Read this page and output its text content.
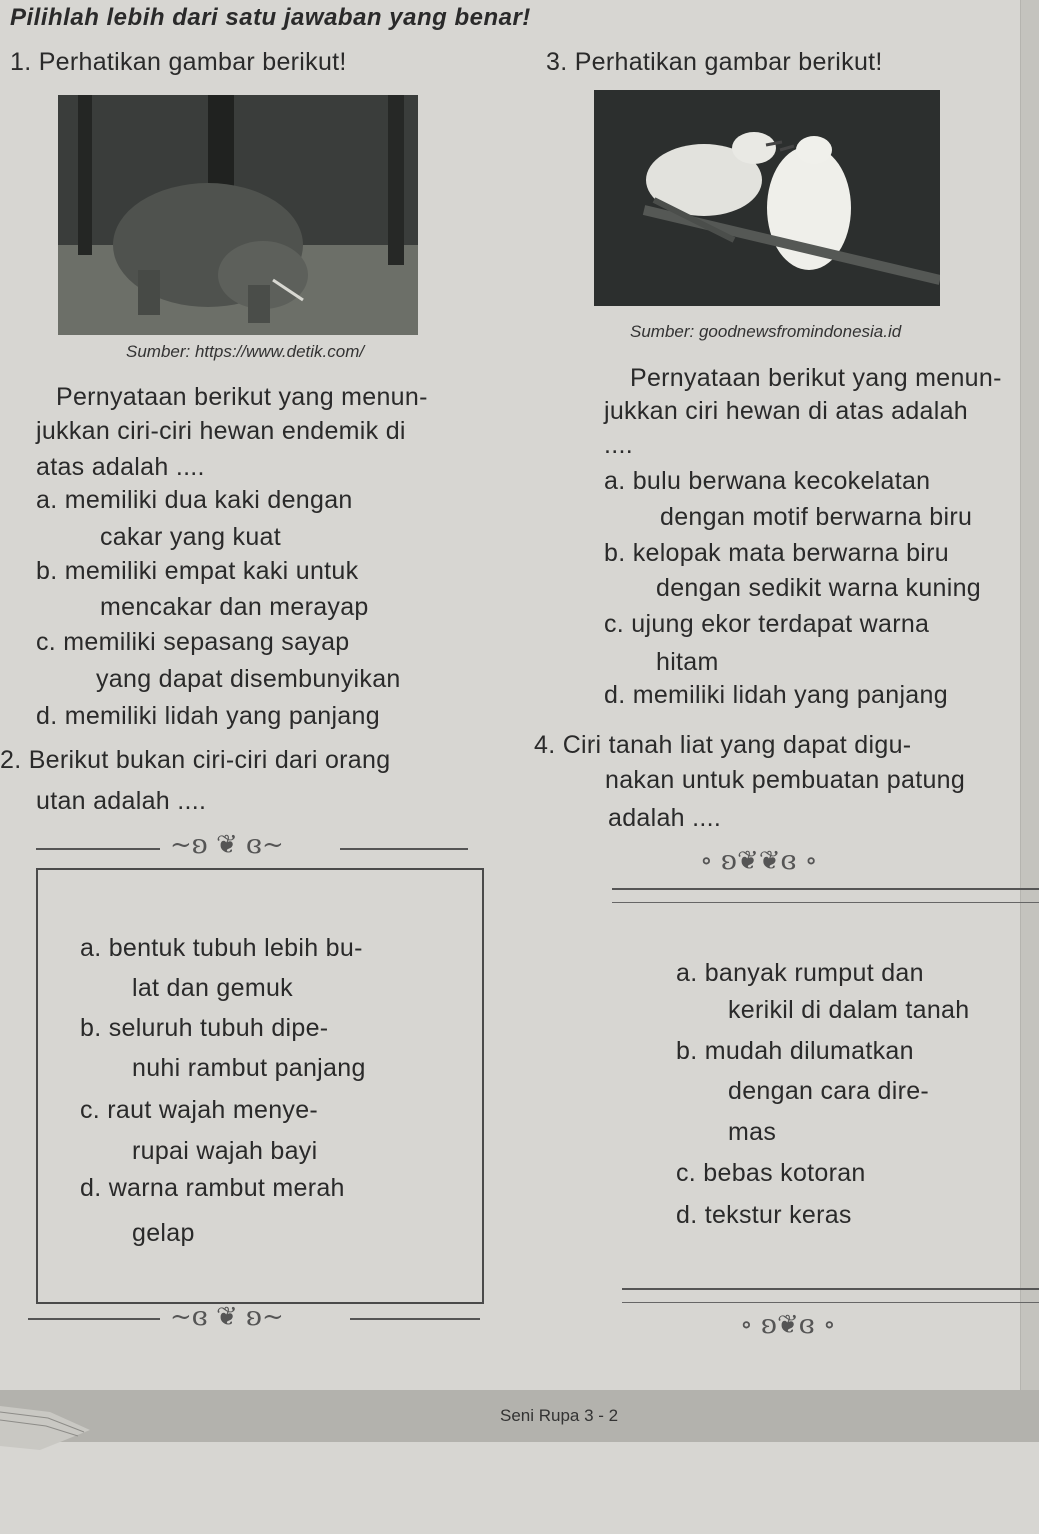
Pilihlah lebih dari satu jawaban yang benar!
1. Perhatikan gambar berikut!
Sumber: https://www.detik.com/
Pernyataan berikut yang menun-
jukkan ciri-ciri hewan endemik di
atas adalah ....
a. memiliki dua kaki dengan
cakar yang kuat
b. memiliki empat kaki untuk
mencakar dan merayap
c. memiliki sepasang sayap
yang dapat disembunyikan
d. memiliki lidah yang panjang
2. Berikut bukan ciri-ciri dari orang
utan adalah ....
~ʚ ❦ ɞ~
a. bentuk tubuh lebih bu-
lat dan gemuk
b. seluruh tubuh dipe-
nuhi rambut panjang
c. raut wajah menye-
rupai wajah bayi
d. warna rambut merah
gelap
~ɞ ❦ ʚ~
3. Perhatikan gambar berikut!
Sumber: goodnewsfromindonesia.id
Pernyataan berikut yang menun-
jukkan ciri hewan di atas adalah
....
a. bulu berwana kecokelatan
dengan motif berwarna biru
b. kelopak mata berwarna biru
dengan sedikit warna kuning
c. ujung ekor terdapat warna
hitam
d. memiliki lidah yang panjang
4. Ciri tanah liat yang dapat digu-
nakan untuk pembuatan patung
adalah ....
∘ ʚ❦❦ɞ ∘
a. banyak rumput dan
kerikil di dalam tanah
b. mudah dilumatkan
dengan cara dire-
mas
c. bebas kotoran
d. tekstur keras
∘ ʚ❦ɞ ∘
Seni Rupa 3 - 2
